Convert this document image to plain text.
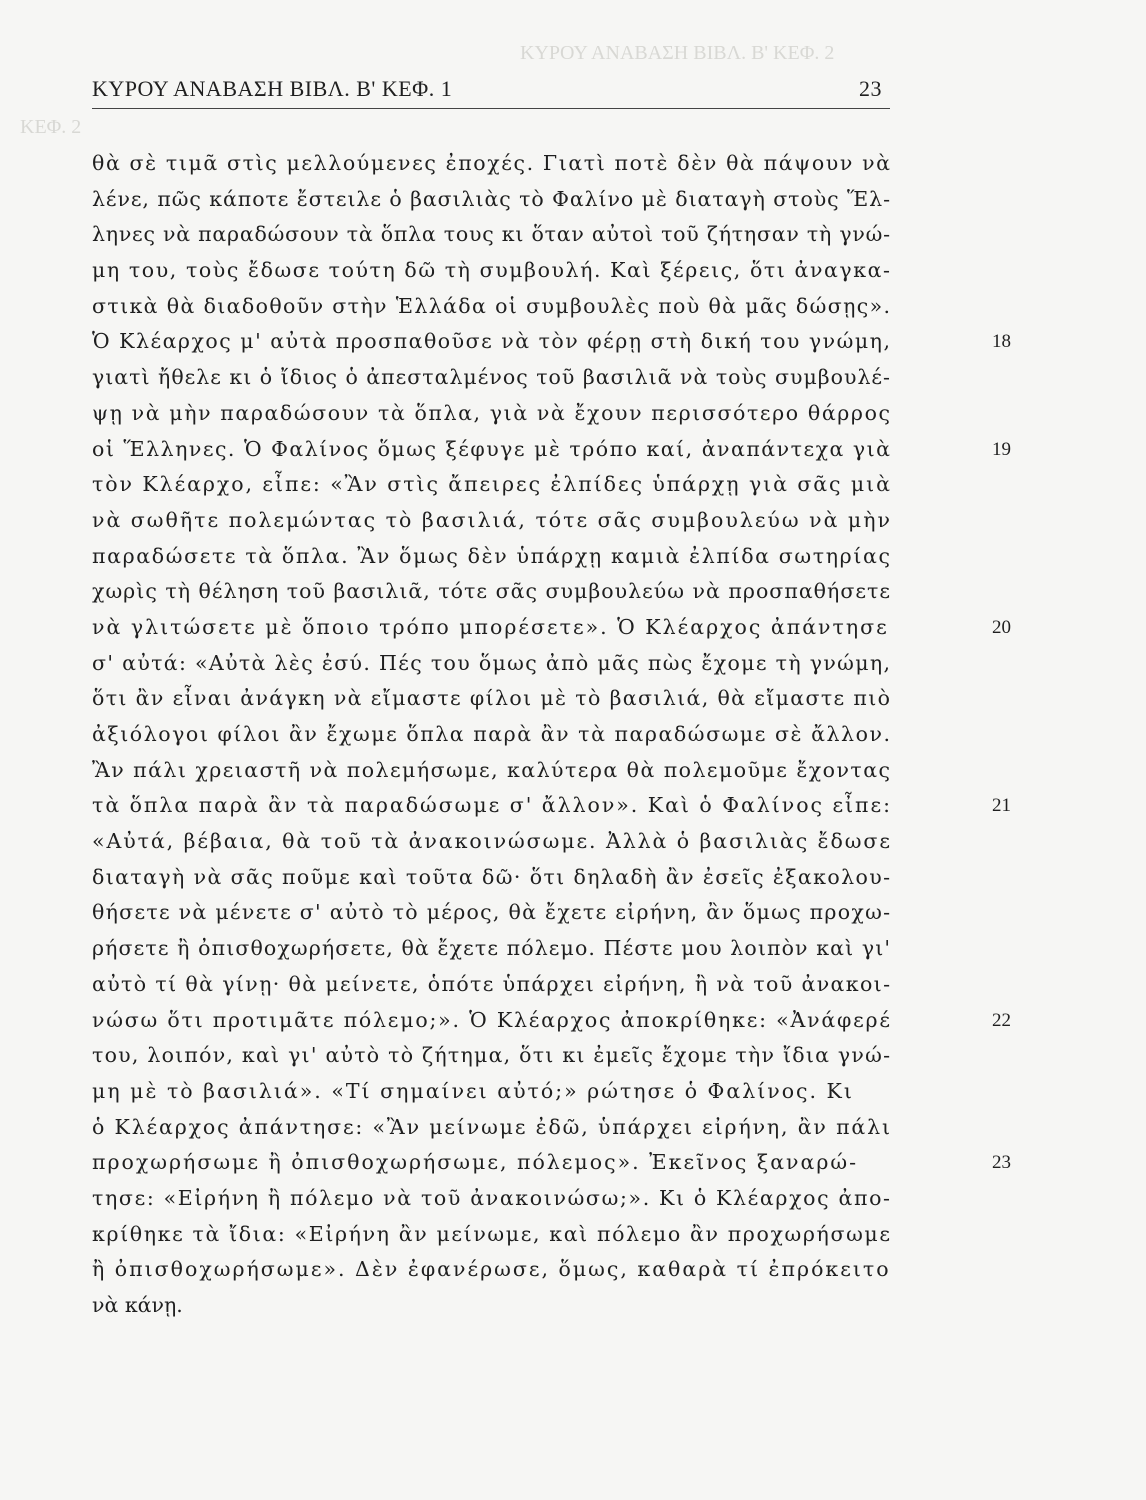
ΚΥΡΟΥ ΑΝΑΒΑΣΗ ΒΙΒΛ. Β' ΚΕΦ. 2
ΚΕΦ. 2
ΚΥΡΟΥ ΑΝΑΒΑΣΗ ΒΙΒΛ. Β' ΚΕΦ. 1	23
θὰ σὲ τιμᾶ στὶς μελλούμενες ἐποχές. Γιατὶ ποτὲ δὲν θὰ πάψουν νὰ
λένε, πῶς κάποτε ἔστειλε ὁ βασιλιὰς τὸ Φαλίνο μὲ διαταγὴ στοὺς Ἕλ-
ληνες νὰ παραδώσουν τὰ ὅπλα τους κι ὅταν αὐτοὶ τοῦ ζήτησαν τὴ γνώ-
μη του, τοὺς ἔδωσε τούτη δῶ τὴ συμβουλή. Καὶ ξέρεις, ὅτι ἀναγκα-
στικὰ θὰ διαδοθοῦν στὴν Ἑλλάδα οἱ συμβουλὲς ποὺ θὰ μᾶς δώσῃς».
Ὁ Κλέαρχος μ' αὐτὰ προσπαθοῦσε νὰ τὸν φέρῃ στὴ δική του γνώμη,	18
γιατὶ ἤθελε κι ὁ ἴδιος ὁ ἀπεσταλμένος τοῦ βασιλιᾶ νὰ τοὺς συμβουλέ-
ψῃ νὰ μὴν παραδώσουν τὰ ὅπλα, γιὰ νὰ ἔχουν περισσότερο θάρρος
οἱ Ἕλληνες. Ὁ Φαλίνος ὅμως ξέφυγε μὲ τρόπο καί, ἀναπάντεχα γιὰ	19
τὸν Κλέαρχο, εἶπε: «Ἂν στὶς ἄπειρες ἐλπίδες ὑπάρχῃ γιὰ σᾶς μιὰ
νὰ σωθῆτε πολεμώντας τὸ βασιλιά, τότε σᾶς συμβουλεύω νὰ μὴν
παραδώσετε τὰ ὅπλα. Ἂν ὅμως δὲν ὑπάρχῃ καμιὰ ἐλπίδα σωτηρίας
χωρὶς τὴ θέληση τοῦ βασιλιᾶ, τότε σᾶς συμβουλεύω νὰ προσπαθήσετε
νὰ γλιτώσετε μὲ ὅποιο τρόπο μπορέσετε». Ὁ Κλέαρχος ἀπάντησε	20
σ' αὐτά: «Αὐτὰ λὲς ἐσύ. Πές του ὅμως ἀπὸ μᾶς πὼς ἔχομε τὴ γνώμη,
ὅτι ἂν εἶναι ἀνάγκη νὰ εἴμαστε φίλοι μὲ τὸ βασιλιά, θὰ εἴμαστε πιὸ
ἀξιόλογοι φίλοι ἂν ἔχωμε ὅπλα παρὰ ἂν τὰ παραδώσωμε σὲ ἄλλον.
Ἂν πάλι χρειαστῆ νὰ πολεμήσωμε, καλύτερα θὰ πολεμοῦμε ἔχοντας
τὰ ὅπλα παρὰ ἂν τὰ παραδώσωμε σ' ἄλλον». Καὶ ὁ Φαλίνος εἶπε:	21
«Αὐτά, βέβαια, θὰ τοῦ τὰ ἀνακοινώσωμε. Ἀλλὰ ὁ βασιλιὰς ἔδωσε
διαταγὴ νὰ σᾶς ποῦμε καὶ τοῦτα δῶ· ὅτι δηλαδὴ ἂν ἐσεῖς ἐξακολου-
θήσετε νὰ μένετε σ' αὐτὸ τὸ μέρος, θὰ ἔχετε εἰρήνη, ἂν ὅμως προχω-
ρήσετε ἢ ὀπισθοχωρήσετε, θὰ ἔχετε πόλεμο. Πέστε μου λοιπὸν καὶ γι'
αὐτὸ τί θὰ γίνῃ· θὰ μείνετε, ὁπότε ὑπάρχει εἰρήνη, ἢ νὰ τοῦ ἀνακοι-
νώσω ὅτι προτιμᾶτε πόλεμο;». Ὁ Κλέαρχος ἀποκρίθηκε: «Ἀνάφερέ	22
του, λοιπόν, καὶ γι' αὐτὸ τὸ ζήτημα, ὅτι κι ἐμεῖς ἔχομε τὴν ἴδια γνώ-
μη μὲ τὸ βασιλιά». «Τί σημαίνει αὐτό;» ρώτησε ὁ Φαλίνος. Κι
ὁ Κλέαρχος ἀπάντησε: «Ἂν μείνωμε ἐδῶ, ὑπάρχει εἰρήνη, ἂν πάλι
προχωρήσωμε ἢ ὀπισθοχωρήσωμε, πόλεμος». Ἐκεῖνος ξαναρώ-	23
τησε: «Εἰρήνη ἢ πόλεμο νὰ τοῦ ἀνακοινώσω;». Κι ὁ Κλέαρχος ἀπο-
κρίθηκε τὰ ἴδια: «Εἰρήνη ἂν μείνωμε, καὶ πόλεμο ἂν προχωρήσωμε
ἢ ὀπισθοχωρήσωμε». Δὲν ἐφανέρωσε, ὅμως, καθαρὰ τί ἐπρόκειτο
νὰ κάνῃ.
